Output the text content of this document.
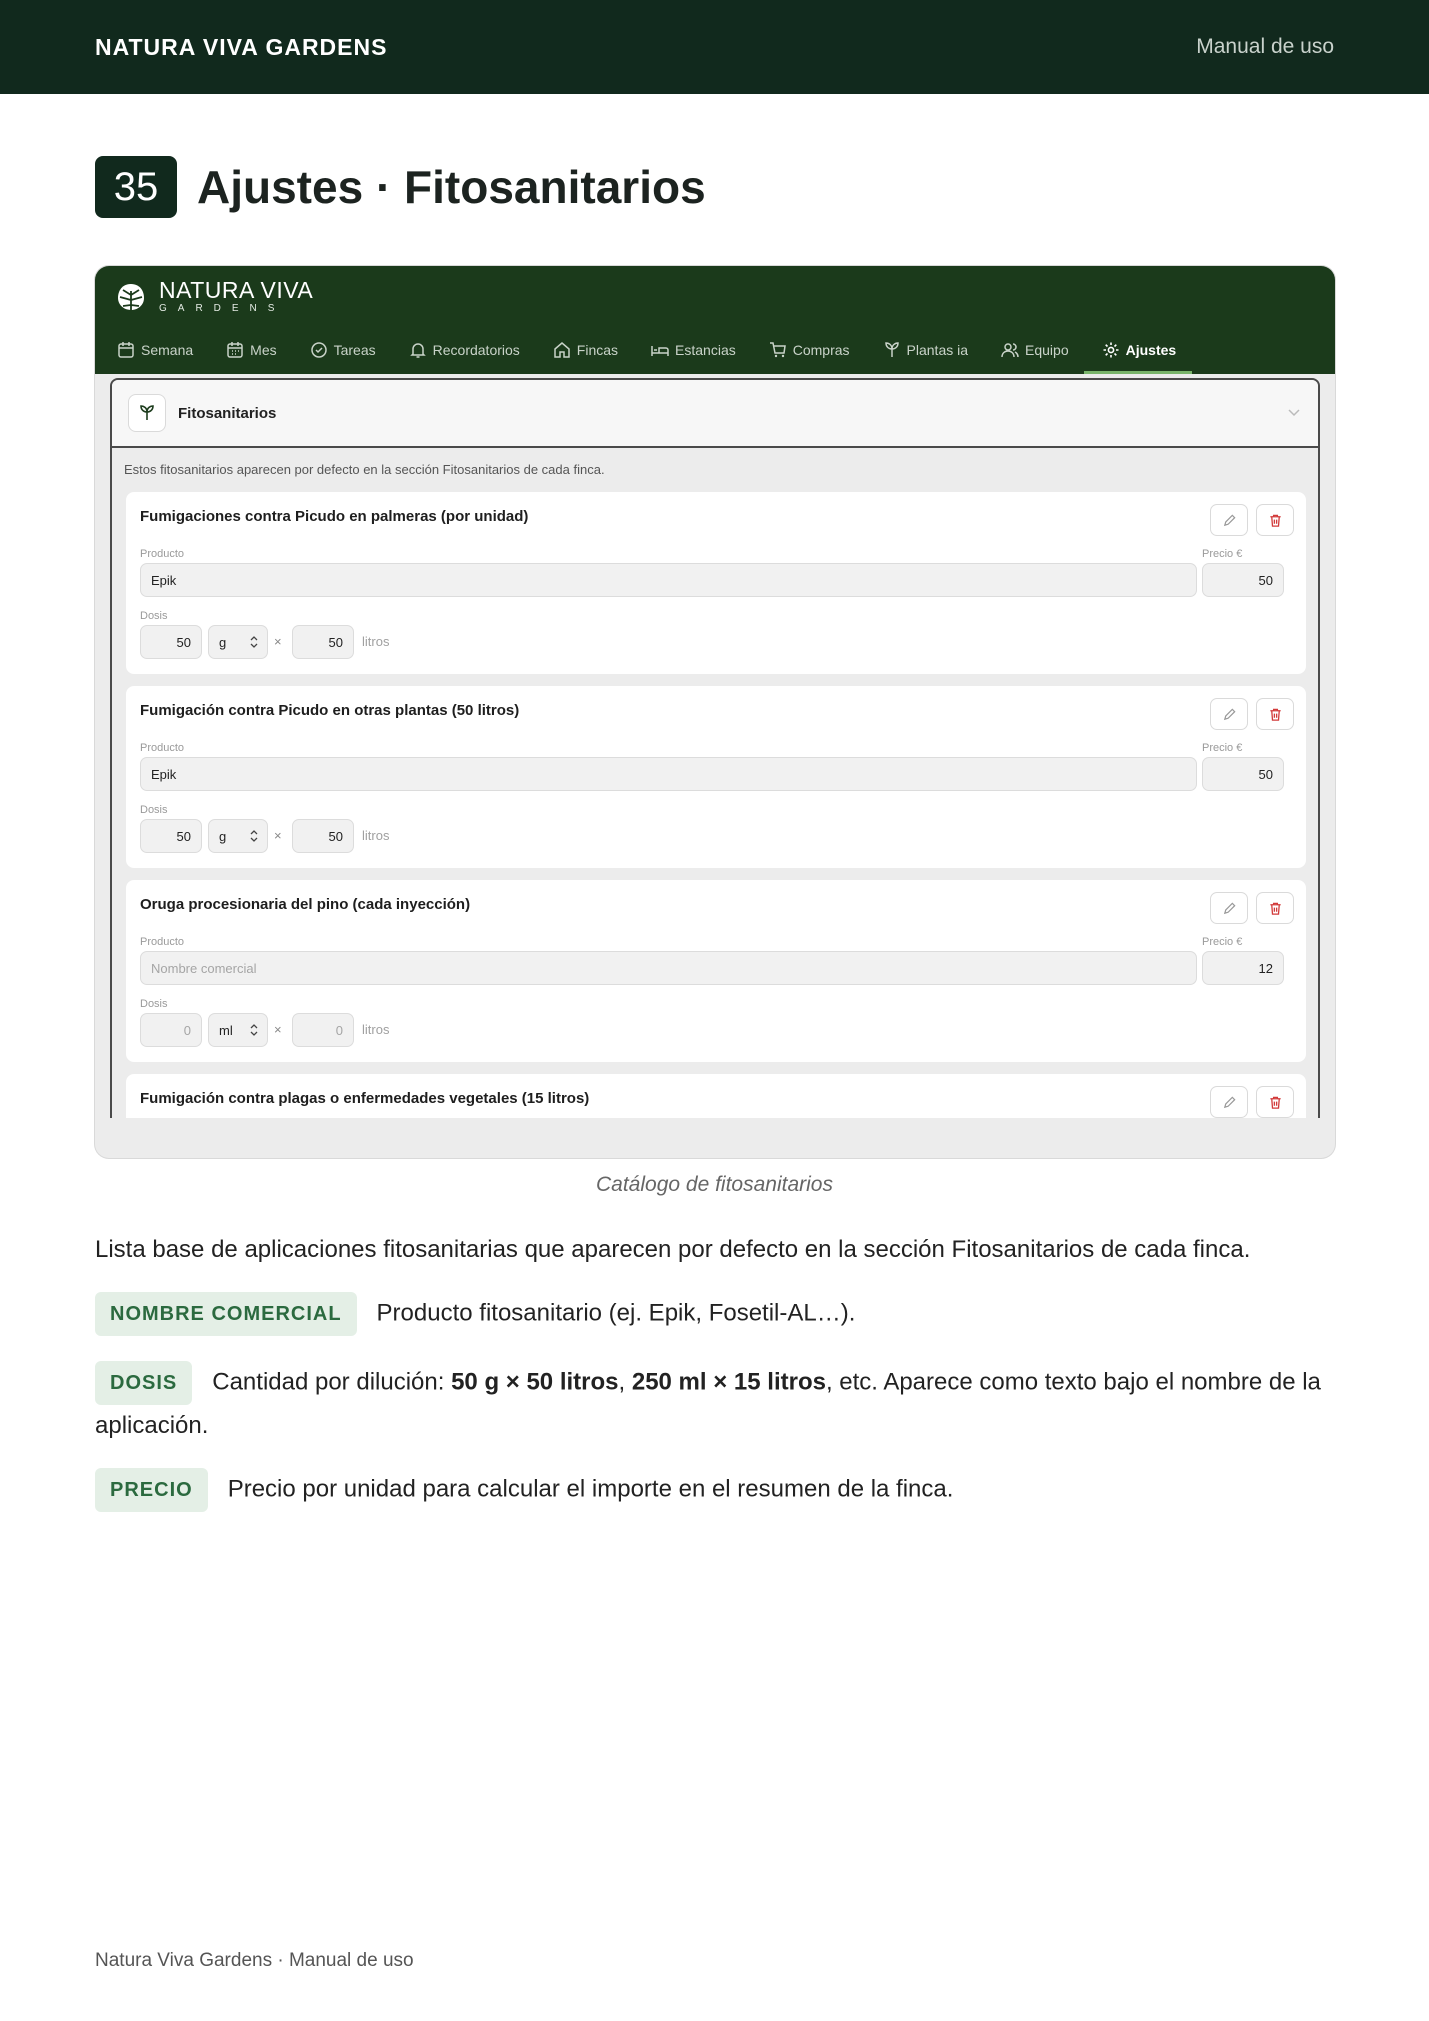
NATURA VIVA GARDENS	Manual de uso
35 Ajustes · Fitosanitarios
NATURA VIVA
GARDENS
Semana	Mes	Tareas	Recordatorios	Fincas	Estancias	Compras	Plantas ia	Equipo	Ajustes
Fitosanitarios
Estos fitosanitarios aparecen por defecto en la sección Fitosanitarios de cada finca.
Fumigaciones contra Picudo en palmeras (por unidad)
Producto	Precio €
Epik	50
Dosis
50	g	×	50	litros
Fumigación contra Picudo en otras plantas (50 litros)
Producto	Precio €
Epik	50
Dosis
50	g	×	50	litros
Oruga procesionaria del pino (cada inyección)
Producto	Precio €
Nombre comercial	12
Dosis
0	ml	×	0	litros
Fumigación contra plagas o enfermedades vegetales (15 litros)
Catálogo de fitosanitarios
Lista base de aplicaciones fitosanitarias que aparecen por defecto en la sección Fitosanitarios de cada finca.
NOMBRE COMERCIAL Producto fitosanitario (ej. Epik, Fosetil-AL…).
DOSIS Cantidad por dilución: 50 g × 50 litros, 250 ml × 15 litros, etc. Aparece como texto bajo el nombre de la aplicación.
PRECIO Precio por unidad para calcular el importe en el resumen de la finca.
Natura Viva Gardens · Manual de uso
